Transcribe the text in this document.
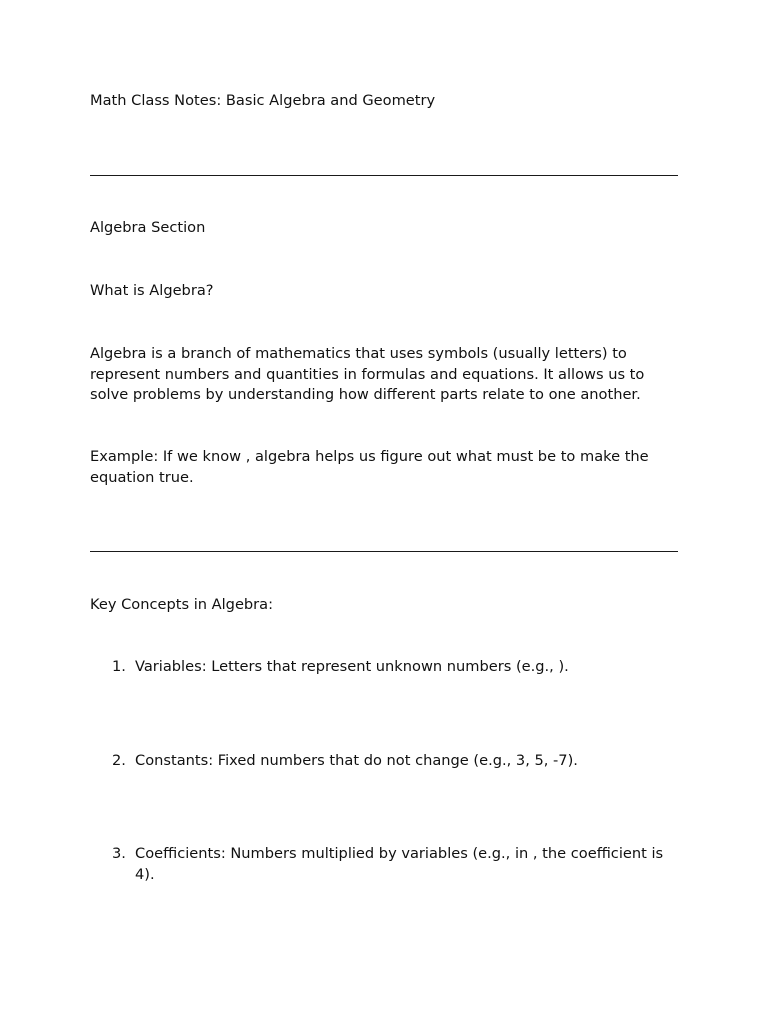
Math Class Notes: Basic Algebra and Geometry
Algebra Section
What is Algebra?
Algebra is a branch of mathematics that uses symbols (usually letters) to represent numbers and quantities in formulas and equations. It allows us to solve problems by understanding how different parts relate to one another.
Example: If we know , algebra helps us figure out what must be to make the
equation true.
Key Concepts in Algebra:
1. Variables: Letters that represent unknown numbers (e.g., ).
2. Constants: Fixed numbers that do not change (e.g., 3, 5, -7).
3. Coefficients: Numbers multiplied by variables (e.g., in , the coefficient is 4).
